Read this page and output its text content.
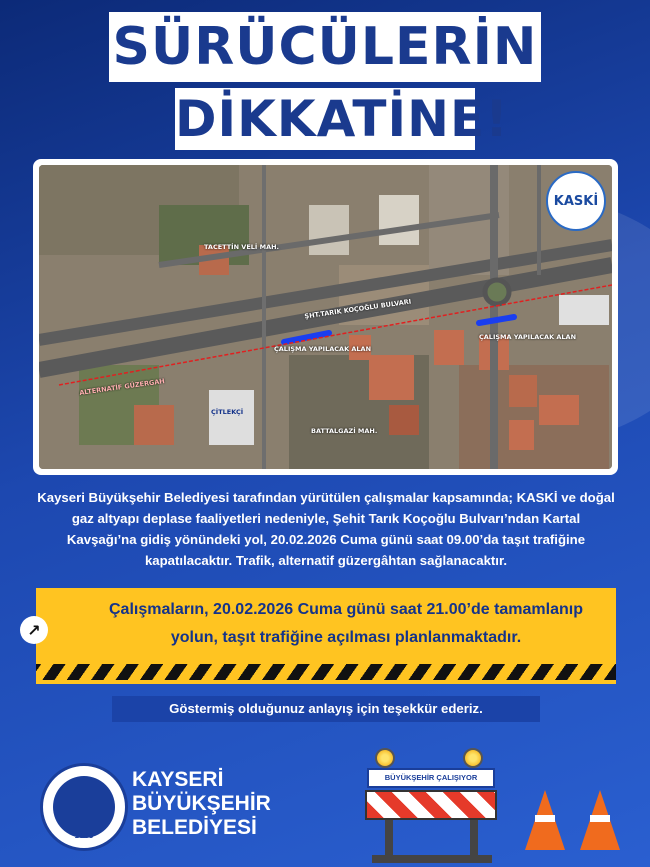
SÜRÜCÜLERİN
DİKKATİNE!
KASKİ
TACETTİN VELİ MAH.
ŞHT.TARIK KOÇOĞLU BULVARI
ÇALIŞMA YAPILACAK ALAN
ÇALIŞMA YAPILACAK ALAN
ALTERNATİF GÜZERGAH
ÇİTLEKÇİ
BATTALGAZİ MAH.

Kayseri Büyükşehir Belediyesi tarafından yürütülen çalışmalar kapsamında; KASKİ ve doğal gaz altyapı deplase faaliyetleri nedeniyle, Şehit Tarık Koçoğlu Bulvarı’ndan Kartal Kavşağı’na gidiş yönündeki yol, 20.02.2026 Cuma günü saat 09.00’da taşıt trafiğine kapatılacaktır. Trafik, alternatif güzergâhtan sağlanacaktır.

↗

Çalışmaların, 20.02.2026 Cuma günü saat 21.00’de tamamlanıp yolun, taşıt trafiğine açılması planlanmaktadır.

Göstermiş olduğunuz anlayış için teşekkür ederiz.
1869
KAYSERİ
BÜYÜKŞEHİR
BELEDİYESİ
BÜYÜKŞEHİR ÇALIŞIYOR
